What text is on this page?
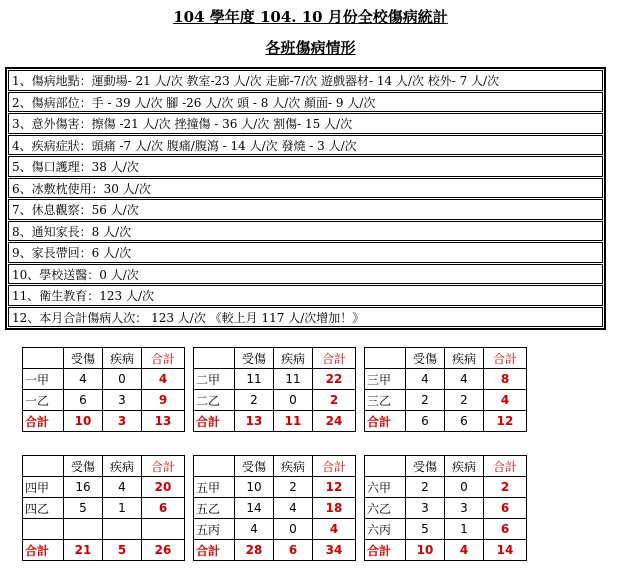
104 學年度 104. 10 月份全校傷病統計
各班傷病情形
1、傷病地點：運動場- 21 人/次 教室-23 人/次 走廊-7/次 遊戲器材- 14 人/次 校外- 7 人/次
2、傷病部位：手 - 39 人/次 腳 -26 人/次 頭 - 8 人/次 顏面- 9 人/次
3、意外傷害：擦傷 -21 人/次 挫撞傷 - 36 人/次 割傷- 15 人/次
4、疾病症狀：頭痛 -7 人/次 腹痛/腹瀉 - 14 人/次 發燒 - 3 人/次
5、傷口護理：38 人/次
6、冰敷枕使用：30 人/次
7、休息觀察：56 人/次
8、通知家長：8 人/次
9、家長帶回：6 人/次
10、學校送醫：0 人/次
11、衛生教育：123 人/次
12、本月合計傷病人次： 123 人/次 《較上月 117 人/次增加！》
	受傷	疾病	合計			受傷	疾病	合計			受傷	疾病	合計
一甲	4	0	4		二甲	11	11	22		三甲	4	4	8
一乙	6	3	9		二乙	2	0	2		三乙	2	2	4
合計	10	3	13		合計	13	11	24		合計	6	6	12
	受傷	疾病	合計			受傷	疾病	合計			受傷	疾病	合計
四甲	16	4	20		五甲	10	2	12		六甲	2	0	2
四乙	5	1	6		五乙	14	4	18		六乙	3	3	6
					五丙	4	0	4		六丙	5	1	6
合計	21	5	26		合計	28	6	34		合計	10	4	14
